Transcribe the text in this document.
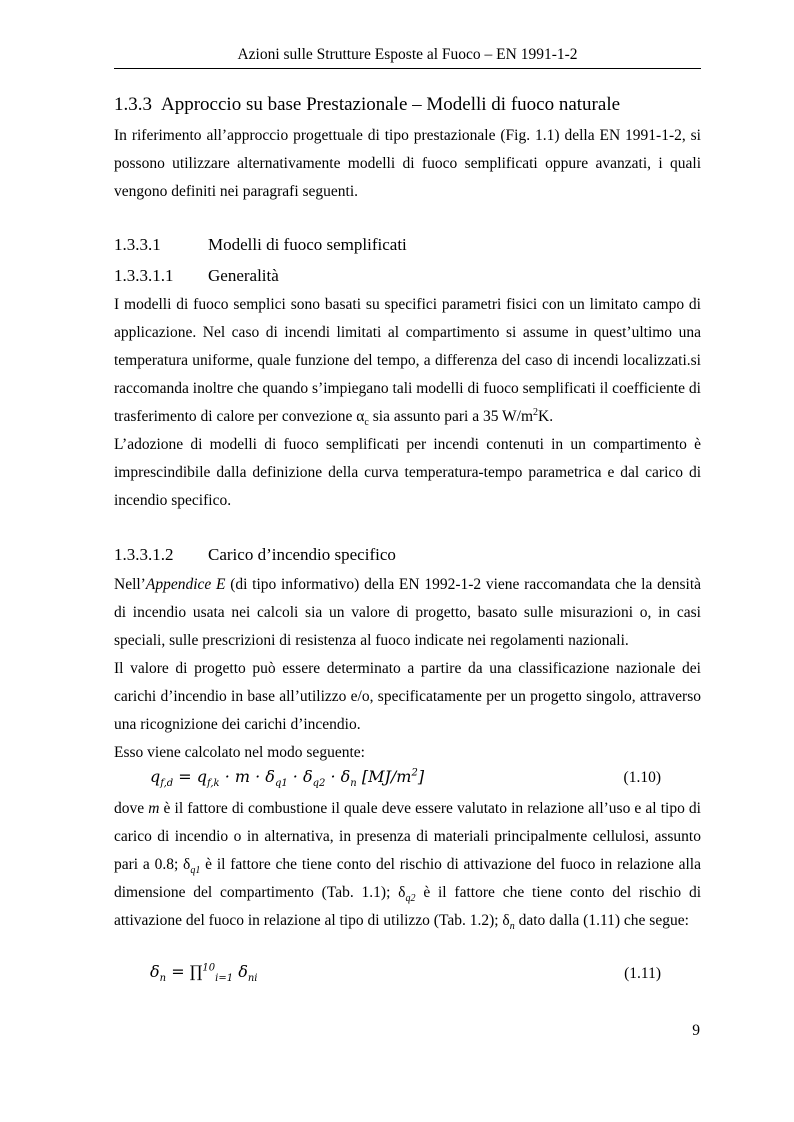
Azioni sulle Strutture Esposte al Fuoco – EN 1991-1-2
1.3.3 Approccio su base Prestazionale – Modelli di fuoco naturale

In riferimento all’approccio progettuale di tipo prestazionale (Fig. 1.1) della EN 1991-1-2, si possono utilizzare alternativamente modelli di fuoco semplificati oppure avanzati, i quali vengono definiti nei paragrafi seguenti.

1.3.3.1	Modelli di fuoco semplificati
1.3.3.1.1 Generalità

I modelli di fuoco semplici sono basati su specifici parametri fisici con un limitato campo di applicazione. Nel caso di incendi limitati al compartimento si assume in quest’ultimo una temperatura uniforme, quale funzione del tempo, a differenza del caso di incendi localizzati.si raccomanda inoltre che quando s’impiegano tali modelli di fuoco semplificati il coefficiente di trasferimento di calore per convezione $\alpha_c$ sia assunto pari a 35 $W/m^2K$.

L’adozione di modelli di fuoco semplificati per incendi contenuti in un compartimento è imprescindibile dalla definizione della curva temperatura-tempo parametrica e dal carico di incendio specifico.

1.3.3.1.2 Carico d’incendio specifico

Nell’Appendice E (di tipo informativo) della EN 1992-1-2 viene raccomandata che la densità di incendio usata nei calcoli sia un valore di progetto, basato sulle misurazioni o, in casi speciali, sulle prescrizioni di resistenza al fuoco indicate nei regolamenti nazionali.

Il valore di progetto può essere determinato a partire da una classificazione nazionale dei carichi d’incendio in base all’utilizzo e/o, specificatamente per un progetto singolo, attraverso una ricognizione dei carichi d’incendio.

Esso viene calcolato nel modo seguente:

$q_{f,d} = q_{f,k} \cdot m \cdot \delta_{q1} \cdot \delta_{q2} \cdot \delta_n$ $[MJ/m^2]$	(1.10)

dove m è il fattore di combustione il quale deve essere valutato in relazione all’uso e al tipo di carico di incendio o in alternativa, in presenza di materiali principalmente cellulosi, assunto pari a 0.8; $\delta_{q1}$ è il fattore che tiene conto del rischio di attivazione del fuoco in relazione alla dimensione del compartimento (Tab. 1.1); $\delta_{q2}$ è il fattore che tiene conto del rischio di attivazione del fuoco in relazione al tipo di utilizzo (Tab. 1.2); $\delta_n$ dato dalla (1.11) che segue:

$\delta_n$ = ∏$^{10}_{i=1}$ $\delta_{ni}$	(1.11)
9
